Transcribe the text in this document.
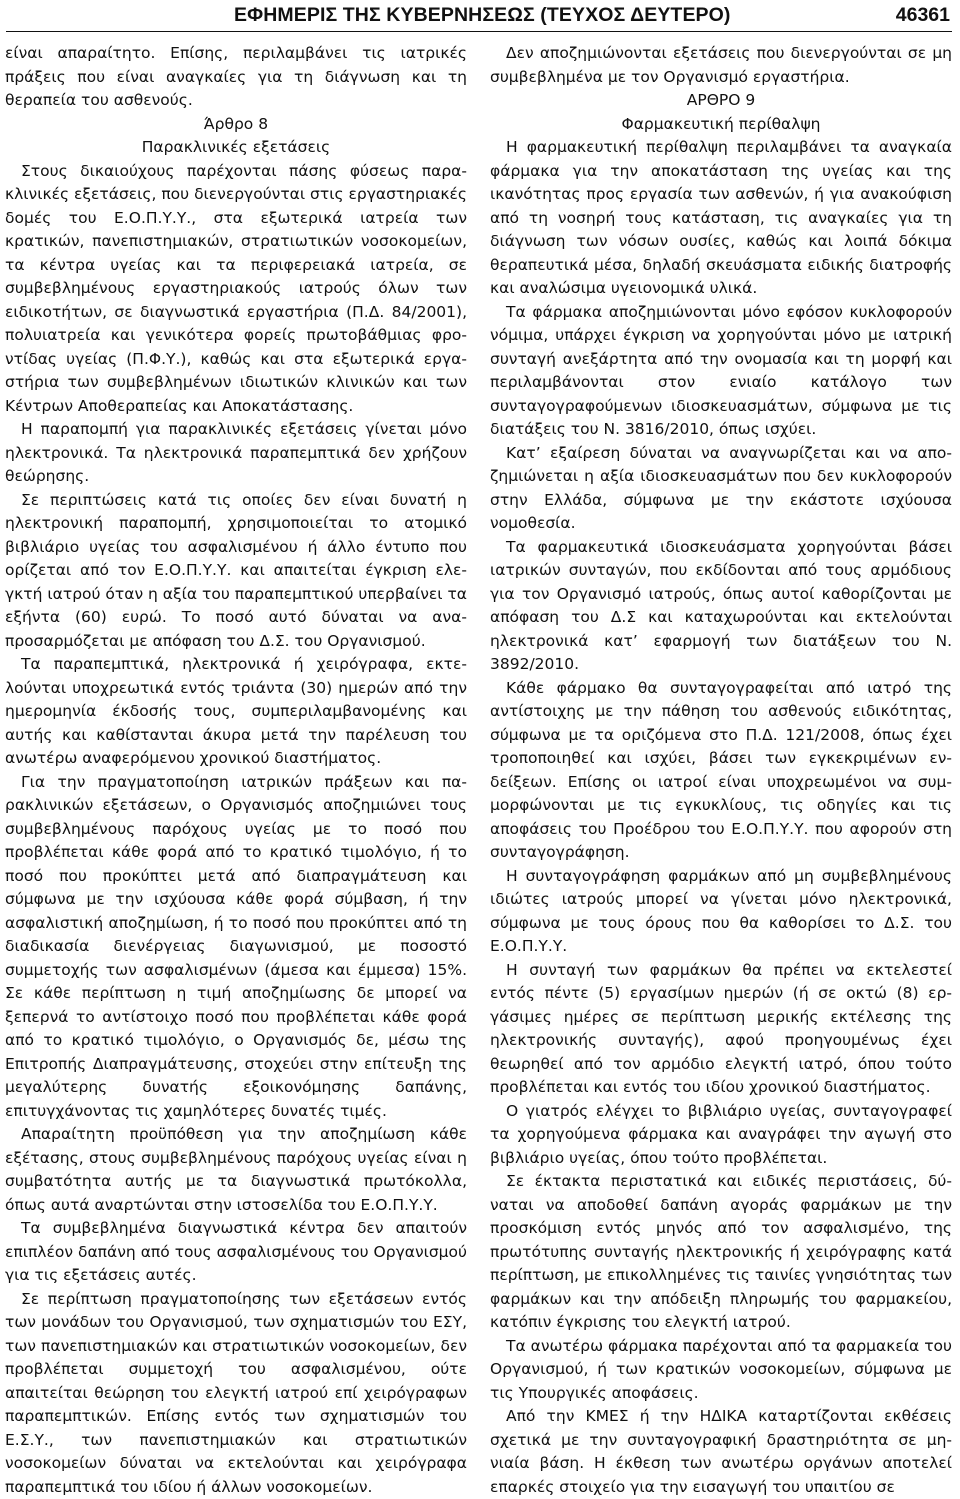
ΕΦΗΜΕΡΙΣ ΤΗΣ ΚΥΒΕΡΝΗΣΕΩΣ (ΤΕΥΧΟΣ ΔΕΥΤΕΡΟ)	46361

είναι απαραίτητο. Επίσης, περιλαμβάνει τις ιατρικές πράξεις που είναι αναγκαίες για τη διάγνωση και τη θεραπεία του ασθενούς.

Άρθρο 8

Παρακλινικές εξετάσεις

Στους δικαιούχους παρέχονται πάσης φύσεως παρακλινικές εξετάσεις, που διενεργούνται στις εργαστηριακές δομές του Ε.Ο.Π.Υ.Υ., στα εξωτερικά ιατρεία των κρατικών, πανεπιστημιακών, στρατιωτικών νοσοκομείων, τα κέντρα υγείας και τα περιφερειακά ιατρεία, σε συμβεβλημένους εργαστηριακούς ιατρούς όλων των ειδικοτήτων, σε διαγνωστικά εργαστήρια (Π.Δ. 84/2001), πολυιατρεία και γενικότερα φορείς πρωτοβάθμιας φροντίδας υγείας (Π.Φ.Υ.), καθώς και στα εξωτερικά εργαστήρια των συμβεβλημένων ιδιωτικών κλινικών και των Κέντρων Αποθεραπείας και Αποκατάστασης.

Η παραπομπή για παρακλινικές εξετάσεις γίνεται μόνο ηλεκτρονικά. Τα ηλεκτρονικά παραπεμπτικά δεν χρήζουν θεώρησης.

Σε περιπτώσεις κατά τις οποίες δεν είναι δυνατή η ηλεκτρονική παραπομπή, χρησιμοποιείται το ατομικό βιβλιάριο υγείας του ασφαλισμένου ή άλλο έντυπο που ορίζεται από τον Ε.Ο.Π.Υ.Υ. και απαιτείται έγκριση ελεγκτή ιατρού όταν η αξία του παραπεμπτικού υπερβαίνει τα εξήντα (60) ευρώ. Το ποσό αυτό δύναται να αναπροσαρμόζεται με απόφαση του Δ.Σ. του Οργανισμού.

Τα παραπεμπτικά, ηλεκτρονικά ή χειρόγραφα, εκτελούνται υποχρεωτικά εντός τριάντα (30) ημερών από την ημερομηνία έκδοσής τους, συμπεριλαμβανομένης και αυτής και καθίστανται άκυρα μετά την παρέλευση του ανωτέρω αναφερόμενου χρονικού διαστήματος.

Για την πραγματοποίηση ιατρικών πράξεων και παρακλινικών εξετάσεων, ο Οργανισμός αποζημιώνει τους συμβεβλημένους παρόχους υγείας με το ποσό που προβλέπεται κάθε φορά από το κρατικό τιμολόγιο, ή το ποσό που προκύπτει μετά από διαπραγμάτευση και σύμφωνα με την ισχύουσα κάθε φορά σύμβαση, ή την ασφαλιστική αποζημίωση, ή το ποσό που προκύπτει από τη διαδικασία διενέργειας διαγωνισμού, με ποσοστό συμμετοχής των ασφαλισμένων (άμεσα και έμμεσα) 15%. Σε κάθε περίπτωση η τιμή αποζημίωσης δε μπορεί να ξεπερνά το αντίστοιχο ποσό που προβλέπεται κάθε φορά από το κρατικό τιμολόγιο, ο Οργανισμός δε, μέσω της Επιτροπής Διαπραγμάτευσης, στοχεύει στην επίτευξη της μεγαλύτερης δυνατής εξοικονόμησης δαπάνης, επιτυγχάνοντας τις χαμηλότερες δυνατές τιμές.

Απαραίτητη προϋπόθεση για την αποζημίωση κάθε εξέτασης, στους συμβεβλημένους παρόχους υγείας είναι η συμβατότητα αυτής με τα διαγνωστικά πρωτόκολλα, όπως αυτά αναρτώνται στην ιστοσελίδα του Ε.Ο.Π.Υ.Υ.

Τα συμβεβλημένα διαγνωστικά κέντρα δεν απαιτούν επιπλέον δαπάνη από τους ασφαλισμένους του Οργανισμού για τις εξετάσεις αυτές.

Σε περίπτωση πραγματοποίησης των εξετάσεων εντός των μονάδων του Οργανισμού, των σχηματισμών του ΕΣΥ, των πανεπιστημιακών και στρατιωτικών νοσοκομείων, δεν προβλέπεται συμμετοχή του ασφαλισμένου, ούτε απαιτείται θεώρηση του ελεγκτή ιατρού επί χειρόγραφων παραπεμπτικών. Επίσης εντός των σχηματισμών του Ε.Σ.Υ., των πανεπιστημιακών και στρατιωτικών νοσοκομείων δύναται να εκτελούνται και χειρόγραφα παραπεμπτικά του ιδίου ή άλλων νοσοκομείων.

Δεν αποζημιώνονται εξετάσεις που διενεργούνται σε μη συμβεβλημένα με τον Οργανισμό εργαστήρια.

ΑΡΘΡΟ 9

Φαρμακευτική περίθαλψη

Η φαρμακευτική περίθαλψη περιλαμβάνει τα αναγκαία φάρμακα για την αποκατάσταση της υγείας και της ικανότητας προς εργασία των ασθενών, ή για ανακούφιση από τη νοσηρή τους κατάσταση, τις αναγκαίες για τη διάγνωση των νόσων ουσίες, καθώς και λοιπά δόκιμα θεραπευτικά μέσα, δηλαδή σκευάσματα ειδικής διατροφής και αναλώσιμα υγειονομικά υλικά.

Τα φάρμακα αποζημιώνονται μόνο εφόσον κυκλοφορούν νόμιμα, υπάρχει έγκριση να χορηγούνται μόνο με ιατρική συνταγή ανεξάρτητα από την ονομασία και τη μορφή και περιλαμβάνονται στον ενιαίο κατάλογο των συνταγογραφούμενων ιδιοσκευασμάτων, σύμφωνα με τις διατάξεις του Ν. 3816/2010, όπως ισχύει.

Κατ’ εξαίρεση δύναται να αναγνωρίζεται και να αποζημιώνεται η αξία ιδιοσκευασμάτων που δεν κυκλοφορούν στην Ελλάδα, σύμφωνα με την εκάστοτε ισχύουσα νομοθεσία.

Τα φαρμακευτικά ιδιοσκευάσματα χορηγούνται βάσει ιατρικών συνταγών, που εκδίδονται από τους αρμόδιους για τον Οργανισμό ιατρούς, όπως αυτοί καθορίζονται με απόφαση του Δ.Σ και καταχωρούνται και εκτελούνται ηλεκτρονικά κατ’ εφαρμογή των διατάξεων του Ν. 3892/2010.

Κάθε φάρμακο θα συνταγογραφείται από ιατρό της αντίστοιχης με την πάθηση του ασθενούς ειδικότητας, σύμφωνα με τα οριζόμενα στο Π.Δ. 121/2008, όπως έχει τροποποιηθεί και ισχύει, βάσει των εγκεκριμένων ενδείξεων. Επίσης οι ιατροί είναι υποχρεωμένοι να συμμορφώνονται με τις εγκυκλίους, τις οδηγίες και τις αποφάσεις του Προέδρου του Ε.Ο.Π.Υ.Υ. που αφορούν στη συνταγογράφηση.

Η συνταγογράφηση φαρμάκων από μη συμβεβλημένους ιδιώτες ιατρούς μπορεί να γίνεται μόνο ηλεκτρονικά, σύμφωνα με τους όρους που θα καθορίσει το Δ.Σ. του Ε.Ο.Π.Υ.Υ.

Η συνταγή των φαρμάκων θα πρέπει να εκτελεστεί εντός πέντε (5) εργασίμων ημερών (ή σε οκτώ (8) εργάσιμες ημέρες σε περίπτωση μερικής εκτέλεσης της ηλεκτρονικής συνταγής), αφού προηγουμένως έχει θεωρηθεί από τον αρμόδιο ελεγκτή ιατρό, όπου τούτο προβλέπεται και εντός του ιδίου χρονικού διαστήματος.

Ο γιατρός ελέγχει το βιβλιάριο υγείας, συνταγογραφεί τα χορηγούμενα φάρμακα και αναγράφει την αγωγή στο βιβλιάριο υγείας, όπου τούτο προβλέπεται.

Σε έκτακτα περιστατικά και ειδικές περιστάσεις, δύναται να αποδοθεί δαπάνη αγοράς φαρμάκων με την προσκόμιση εντός μηνός από τον ασφαλισμένο, της πρωτότυπης συνταγής ηλεκτρονικής ή χειρόγραφης κατά περίπτωση, με επικολλημένες τις ταινίες γνησιότητας των φαρμάκων και την απόδειξη πληρωμής του φαρμακείου, κατόπιν έγκρισης του ελεγκτή ιατρού.

Τα ανωτέρω φάρμακα παρέχονται από τα φαρμακεία του Οργανισμού, ή των κρατικών νοσοκομείων, σύμφωνα με τις Υπουργικές αποφάσεις.

Από την ΚΜΕΣ ή την ΗΔΙΚΑ καταρτίζονται εκθέσεις σχετικά με την συνταγογραφική δραστηριότητα σε μηνιαία βάση. Η έκθεση των ανωτέρω οργάνων αποτελεί επαρκές στοιχείο για την εισαγωγή του υπαιτίου σε
